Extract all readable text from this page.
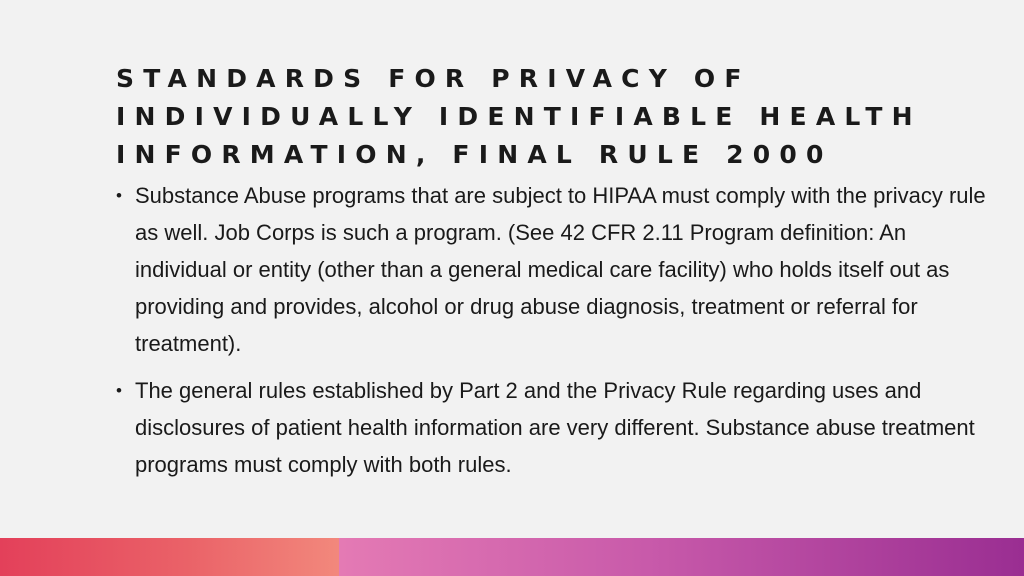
STANDARDS FOR PRIVACY OF INDIVIDUALLY IDENTIFIABLE HEALTH INFORMATION, FINAL RULE 2000
• Substance Abuse programs that are subject to HIPAA must comply with the privacy rule as well. Job Corps is such a program. (See 42 CFR 2.11 Program definition: An individual or entity (other than a general medical care facility) who holds itself out as providing and provides, alcohol or drug abuse diagnosis, treatment or referral for treatment).
• The general rules established by Part 2 and the Privacy Rule regarding uses and disclosures of patient health information are very different. Substance abuse treatment programs must comply with both rules.
